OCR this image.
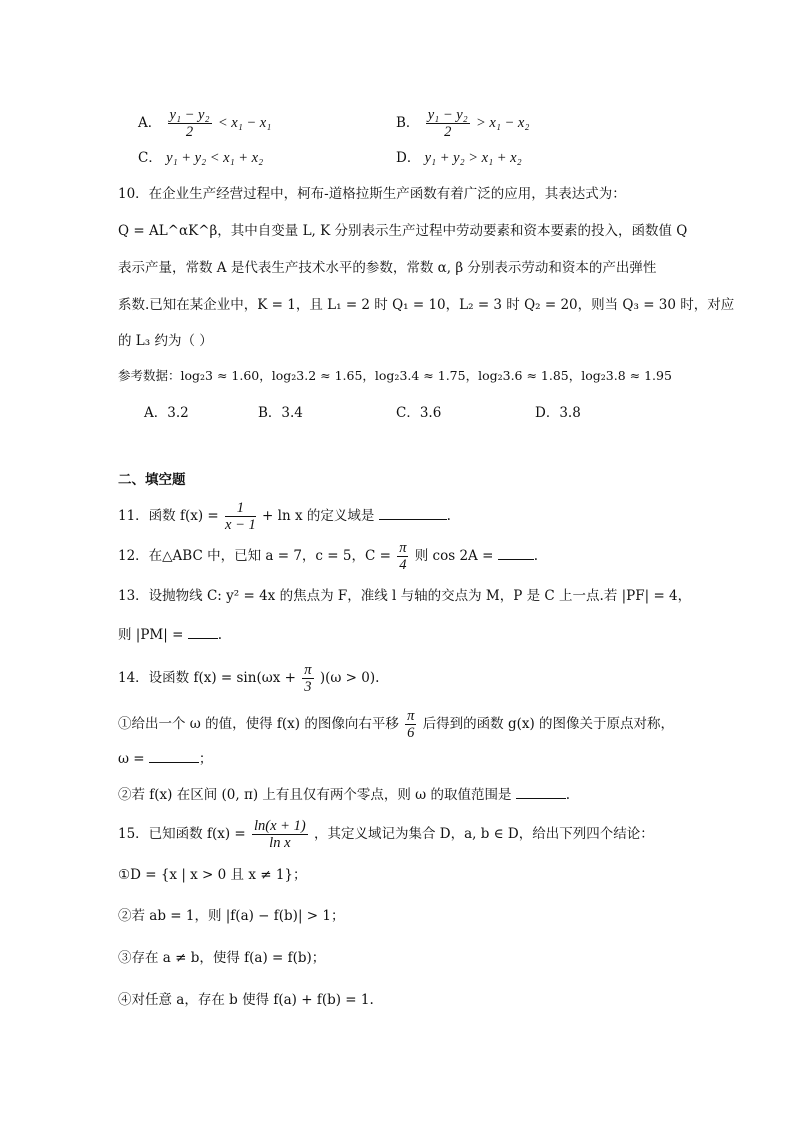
A． $\frac{\text{y₁ − y₂}}{2} < x_1 - x_1$	B． $\frac{\text{y₁ − y₂}}{2} > x_1 - x_2$
C． y₁ + y₂ < x₁ + x₂	D． y₁ + y₂ > x₁ + x₂
10．在企业生产经营过程中，柯布-道格拉斯生产函数有着广泛的应用，其表达式为：
Q = AL^αK^β，其中自变量 L, K 分别表示生产过程中劳动要素和资本要素的投入，函数值 Q
表示产量，常数 A 是代表生产技术水平的参数，常数 α, β 分别表示劳动和资本的产出弹性
系数.已知在某企业中，K = 1，且 L₁ = 2 时 Q₁ = 10，L₂ = 3 时 Q₂ = 20，则当 Q₃ = 30 时，对应
的 L₃ 约为（ ）
参考数据：log₂3 ≈ 1.60，log₂3.2 ≈ 1.65，log₂3.4 ≈ 1.75，log₂3.6 ≈ 1.85，log₂3.8 ≈ 1.95
A．3.2	B．3.4	C．3.6	D．3.8
二、填空题
11．函数 $f(x) = \frac{1}{x - 1} + \ln x$ 的定义域是	.
12．在△ABC 中，已知 a = 7，c = 5，$C = \frac{\pi}{4}$ 则 cos 2A =	.
13．设抛物线 C: y² = 4x 的焦点为 F，准线 l 与轴的交点为 M，P 是 C 上一点.若 |PF| = 4，
则 |PM| =	.
14．设函数 $f(x) = \sin(\omega x + \frac{\pi}{3} )(\omega > 0)$.
①给出一个 ω 的值，使得 f(x) 的图像向右平移 $\frac{\pi}{6}$ 后得到的函数 g(x) 的图像关于原点对称，
ω =	；
②若 f(x) 在区间 (0, π) 上有且仅有两个零点，则 ω 的取值范围是	.
15．已知函数 $f(x) = \frac{\ln(x + 1)}{\text{ln x}}$ ，其定义域记为集合 D，a, b ∈ D，给出下列四个结论：
①D = {x | x > 0 且 x ≠ 1}；
②若 ab = 1，则 |f(a) − f(b)| > 1；
③存在 a ≠ b，使得 f(a) = f(b)；
④对任意 a，存在 b 使得 f(a) + f(b) = 1.
